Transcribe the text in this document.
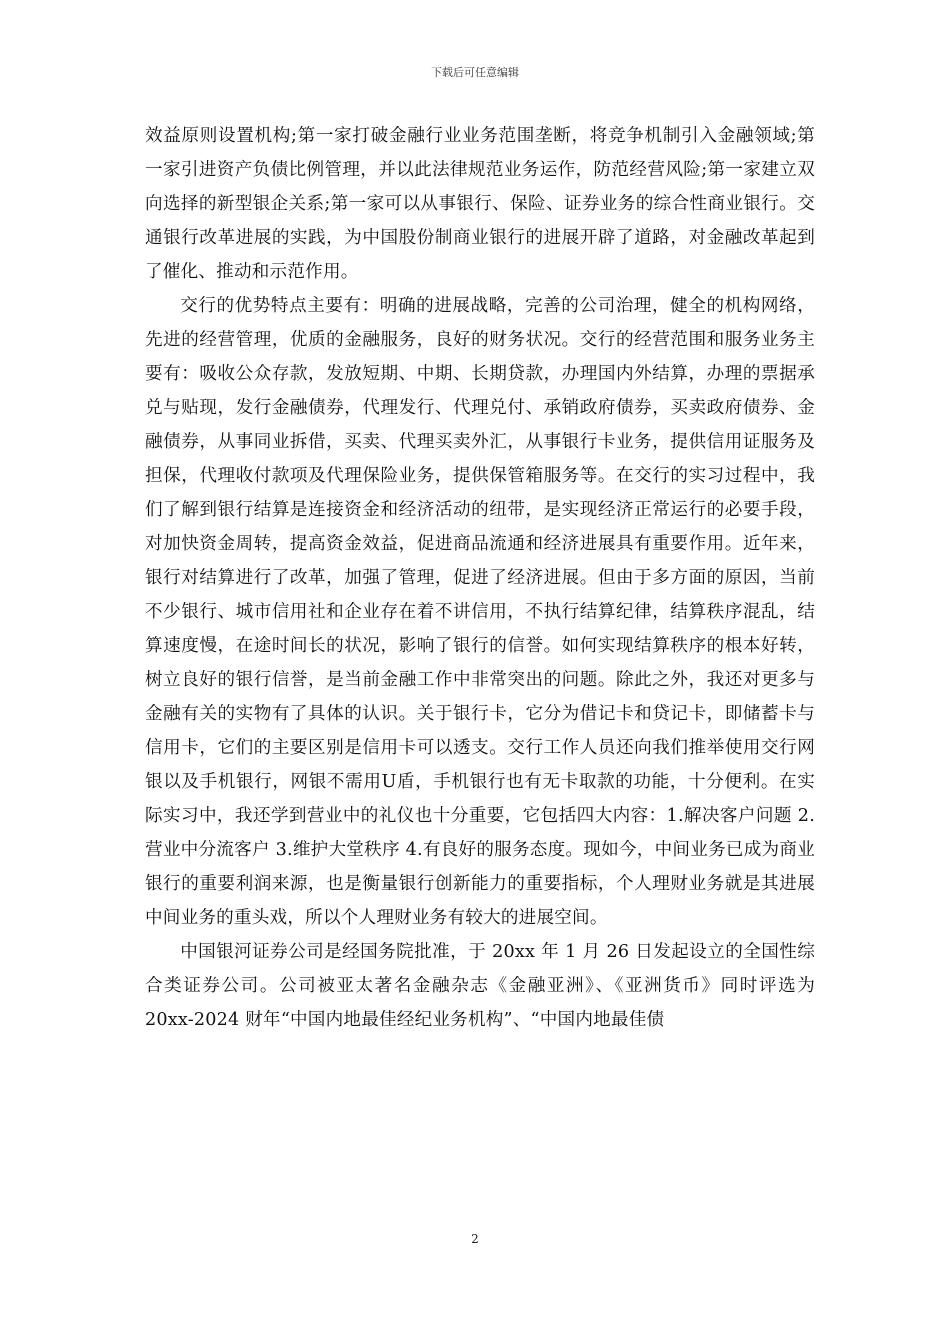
下载后可任意编辑

效益原则设置机构;第一家打破金融行业业务范围垄断，将竞争机制引入金融领域;第一家引进资产负债比例管理，并以此法律规范业务运作，防范经营风险;第一家建立双向选择的新型银企关系;第一家可以从事银行、保险、证券业务的综合性商业银行。交通银行改革进展的实践，为中国股份制商业银行的进展开辟了道路，对金融改革起到了催化、推动和示范作用。

交行的优势特点主要有：明确的进展战略，完善的公司治理，健全的机构网络，先进的经营管理，优质的金融服务，良好的财务状况。交行的经营范围和服务业务主要有：吸收公众存款，发放短期、中期、长期贷款，办理国内外结算，办理的票据承兑与贴现，发行金融债券，代理发行、代理兑付、承销政府债券，买卖政府债券、金融债券，从事同业拆借，买卖、代理买卖外汇，从事银行卡业务，提供信用证服务及担保，代理收付款项及代理保险业务，提供保管箱服务等。在交行的实习过程中，我们了解到银行结算是连接资金和经济活动的纽带，是实现经济正常运行的必要手段，对加快资金周转，提高资金效益，促进商品流通和经济进展具有重要作用。近年来，银行对结算进行了改革，加强了管理，促进了经济进展。但由于多方面的原因，当前不少银行、城市信用社和企业存在着不讲信用，不执行结算纪律，结算秩序混乱，结算速度慢，在途时间长的状况，影响了银行的信誉。如何实现结算秩序的根本好转，树立良好的银行信誉，是当前金融工作中非常突出的问题。除此之外，我还对更多与金融有关的实物有了具体的认识。关于银行卡，它分为借记卡和贷记卡，即储蓄卡与信用卡，它们的主要区别是信用卡可以透支。交行工作人员还向我们推举使用交行网银以及手机银行，网银不需用U盾，手机银行也有无卡取款的功能，十分便利。在实际实习中，我还学到营业中的礼仪也十分重要，它包括四大内容：1.解决客户问题 2.营业中分流客户 3.维护大堂秩序 4.有良好的服务态度。现如今，中间业务已成为商业银行的重要利润来源，也是衡量银行创新能力的重要指标，个人理财业务就是其进展中间业务的重头戏，所以个人理财业务有较大的进展空间。

中国银河证券公司是经国务院批准，于 20xx 年 1 月 26 日发起设立的全国性综合类证券公司。公司被亚太著名金融杂志《金融亚洲》、《亚洲货币》同时评选为 20xx-2024 财年“中国内地最佳经纪业务机构”、“中国内地最佳债

2
